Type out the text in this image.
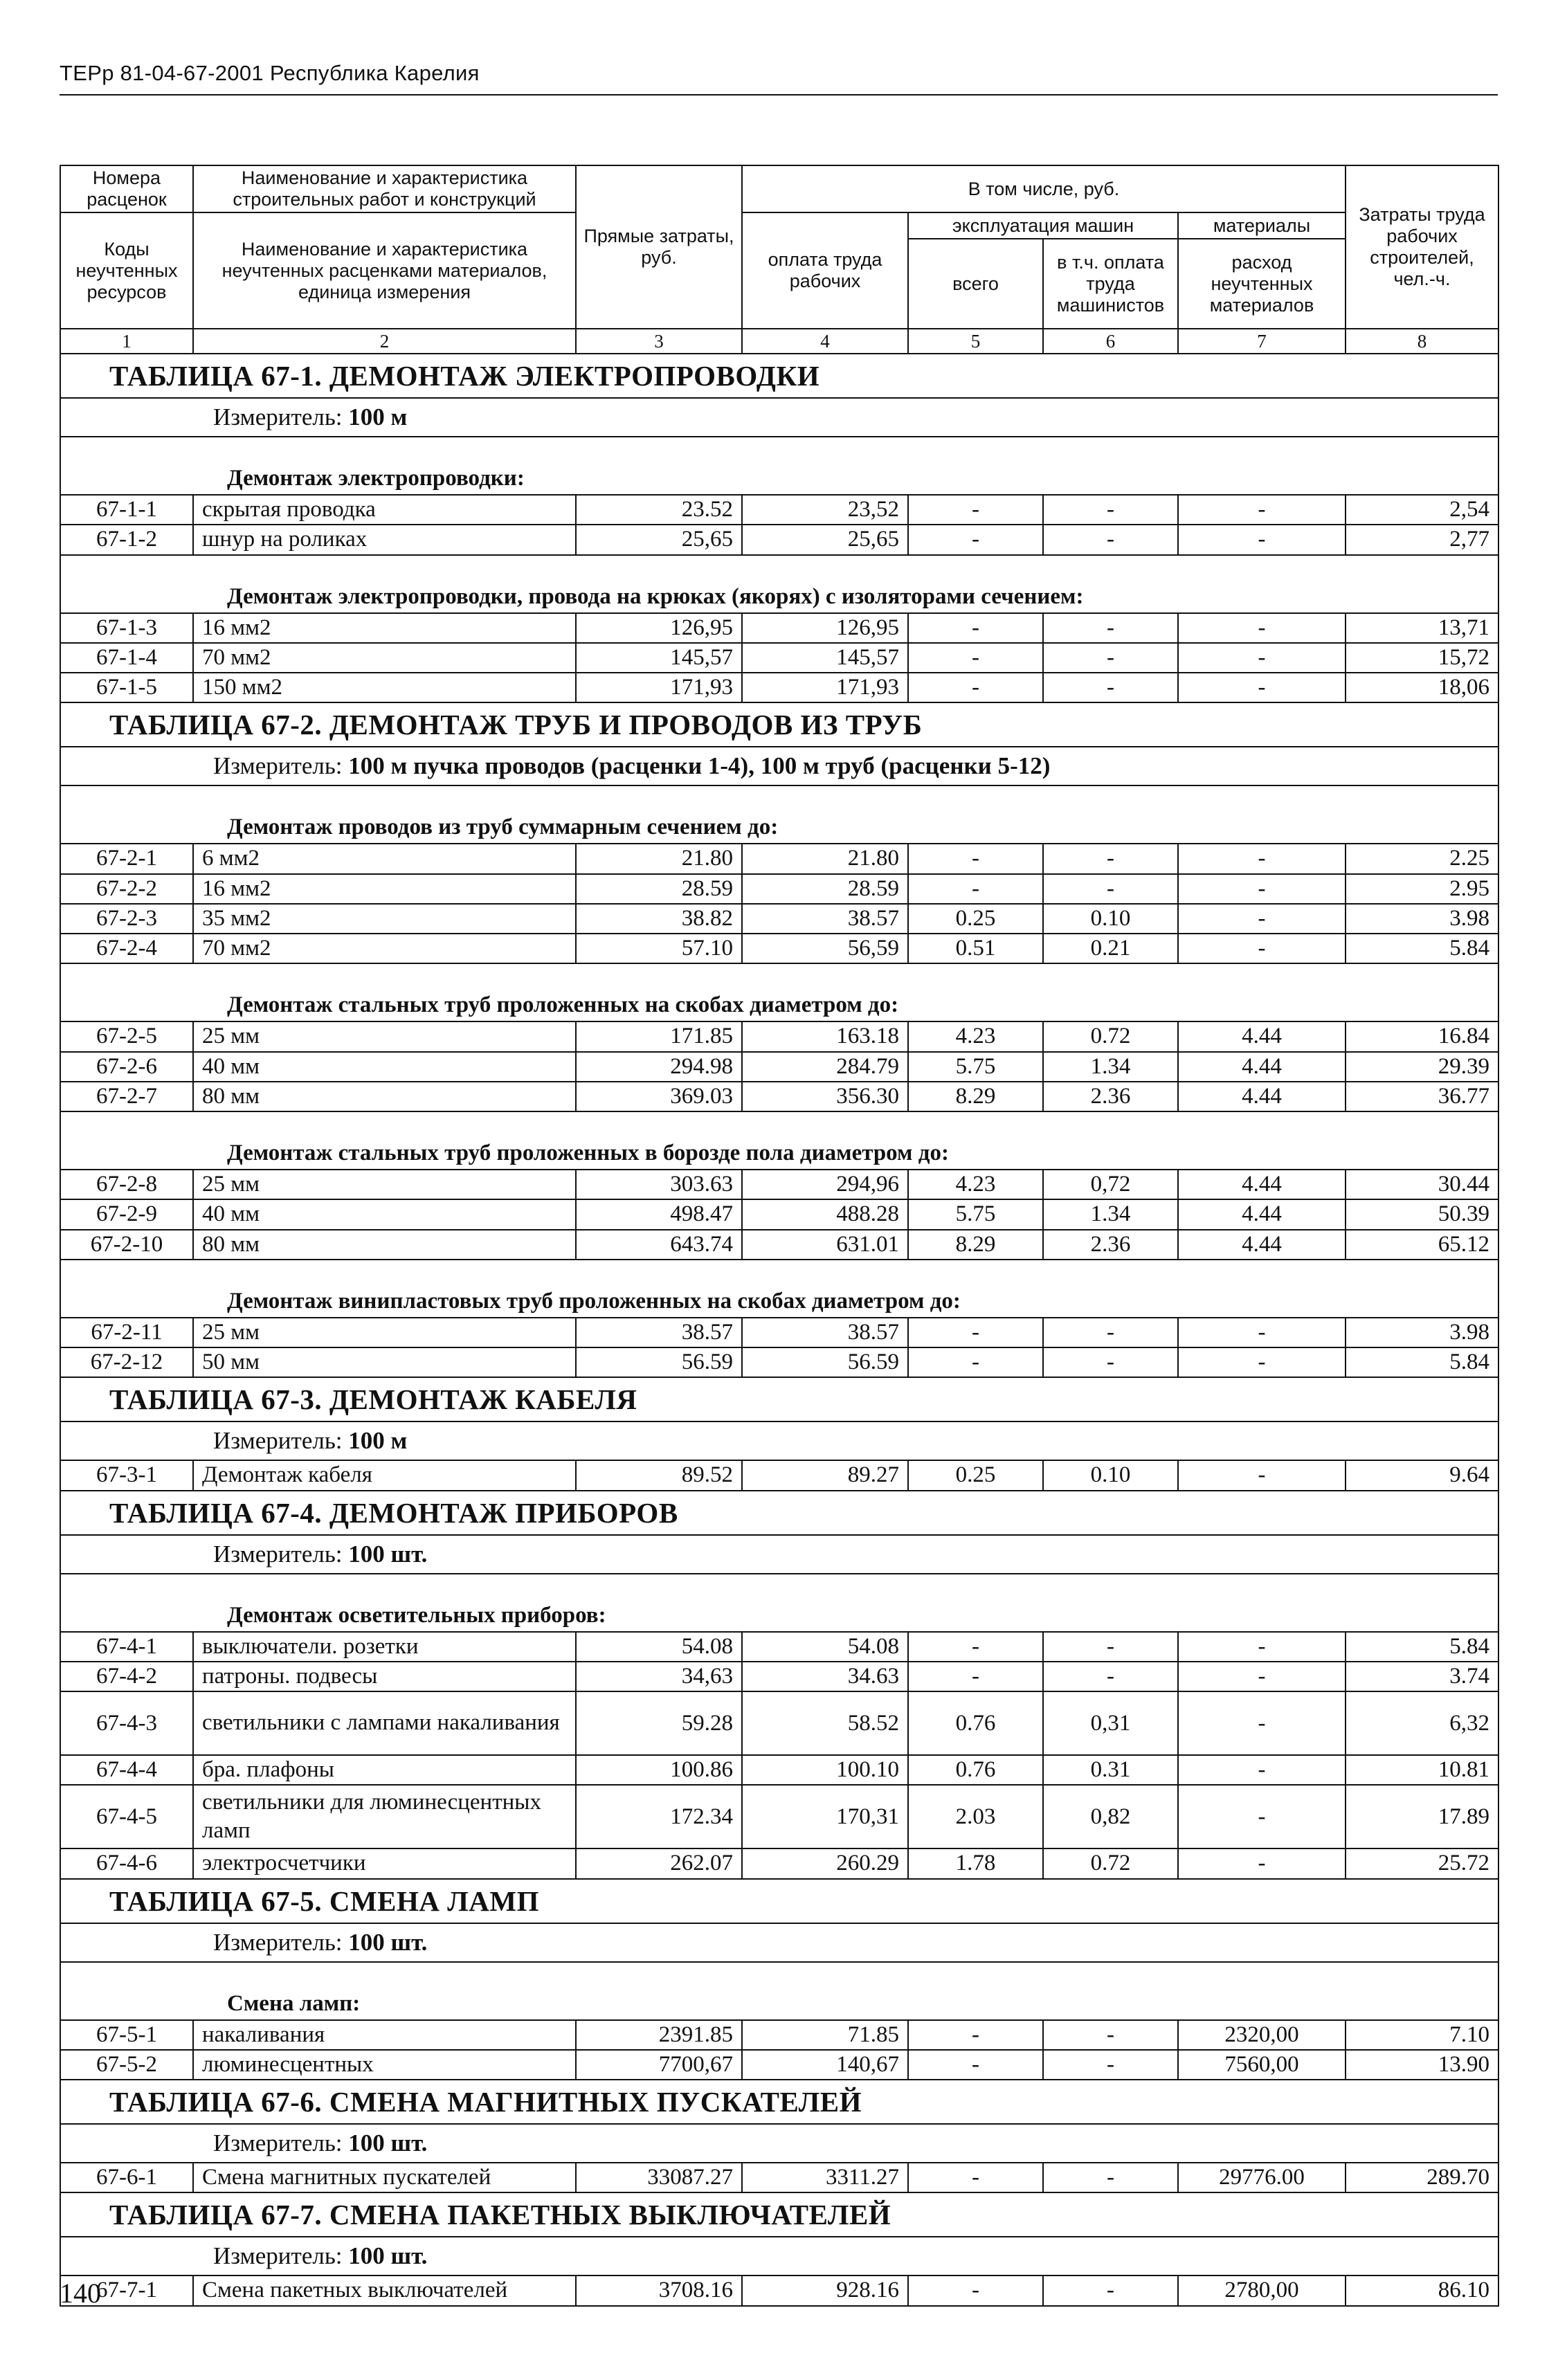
ТЕРр 81-04-67-2001 Республика Карелия
Номера расценок	Наименование и характеристика строительных работ и конструкций	Прямые затраты, руб.	В том числе, руб.				Затраты труда рабочих строителей, чел.-ч.
Коды неучтенных ресурсов	Наименование и характеристика неучтенных расценками материалов, единица измерения		оплата труда рабочих	эксплуатация машин		материалы	
				всего	в т.ч. оплата труда машинистов	расход неучтенных материалов	
1	2	3	4	5	6	7	8

ТАБЛИЦА 67-1. ДЕМОНТАЖ ЭЛЕКТРОПРОВОДКИ							

Измеритель: 100 м							
Демонтаж электропроводки:							
67-1-1	скрытая проводка	23.52	23,52	-	-	-	2,54
67-1-2	шнур на роликах	25,65	25,65	-	-	-	2,77
Демонтаж электропроводки, провода на крюках (якорях) с изоляторами сечением:							
67-1-3	16 мм2	126,95	126,95	-	-	-	13,71
67-1-4	70 мм2	145,57	145,57	-	-	-	15,72
67-1-5	150 мм2	171,93	171,93	-	-	-	18,06

ТАБЛИЦА 67-2. ДЕМОНТАЖ ТРУБ И ПРОВОДОВ ИЗ ТРУБ							

Измеритель: 100 м пучка проводов (расценки 1-4), 100 м труб (расценки 5-12)							
Демонтаж проводов из труб суммарным сечением до:							
67-2-1	6 мм2	21.80	21.80	-	-	-	2.25
67-2-2	16 мм2	28.59	28.59	-	-	-	2.95
67-2-3	35 мм2	38.82	38.57	0.25	0.10	-	3.98
67-2-4	70 мм2	57.10	56,59	0.51	0.21	-	5.84
Демонтаж стальных труб проложенных на скобах диаметром до:							
67-2-5	25 мм	171.85	163.18	4.23	0.72	4.44	16.84
67-2-6	40 мм	294.98	284.79	5.75	1.34	4.44	29.39
67-2-7	80 мм	369.03	356.30	8.29	2.36	4.44	36.77
Демонтаж стальных труб проложенных в борозде пола диаметром до:							
67-2-8	25 мм	303.63	294,96	4.23	0,72	4.44	30.44
67-2-9	40 мм	498.47	488.28	5.75	1.34	4.44	50.39
67-2-10	80 мм	643.74	631.01	8.29	2.36	4.44	65.12
Демонтаж винипластовых труб проложенных на скобах диаметром до:							
67-2-11	25 мм	38.57	38.57	-	-	-	3.98
67-2-12	50 мм	56.59	56.59	-	-	-	5.84

ТАБЛИЦА 67-3. ДЕМОНТАЖ КАБЕЛЯ							

Измеритель: 100 м							
67-3-1	Демонтаж кабеля	89.52	89.27	0.25	0.10	-	9.64

ТАБЛИЦА 67-4. ДЕМОНТАЖ ПРИБОРОВ							

Измеритель: 100 шт.							
Демонтаж осветительных приборов:							
67-4-1	выключатели. розетки	54.08	54.08	-	-	-	5.84
67-4-2	патроны. подвесы	34,63	34.63	-	-	-	3.74
67-4-3	светильники с лампами накаливания	59.28	58.52	0.76	0,31	-	6,32
67-4-4	бра. плафоны	100.86	100.10	0.76	0.31	-	10.81
67-4-5	светильники для люминесцентных ламп	172.34	170,31	2.03	0,82	-	17.89
67-4-6	электросчетчики	262.07	260.29	1.78	0.72	-	25.72

ТАБЛИЦА 67-5. СМЕНА ЛАМП							

Измеритель: 100 шт.							
Смена ламп:							
67-5-1	накаливания	2391.85	71.85	-	-	2320,00	7.10
67-5-2	люминесцентных	7700,67	140,67	-	-	7560,00	13.90

ТАБЛИЦА 67-6. СМЕНА МАГНИТНЫХ ПУСКАТЕЛЕЙ							

Измеритель: 100 шт.							
67-6-1	Смена магнитных пускателей	33087.27	3311.27	-	-	29776.00	289.70

ТАБЛИЦА 67-7. СМЕНА ПАКЕТНЫХ ВЫКЛЮЧАТЕЛЕЙ							

Измеритель: 100 шт.							
67-7-1	Смена пакетных выключателей	3708.16	928.16	-	-	2780,00	86.10
140
